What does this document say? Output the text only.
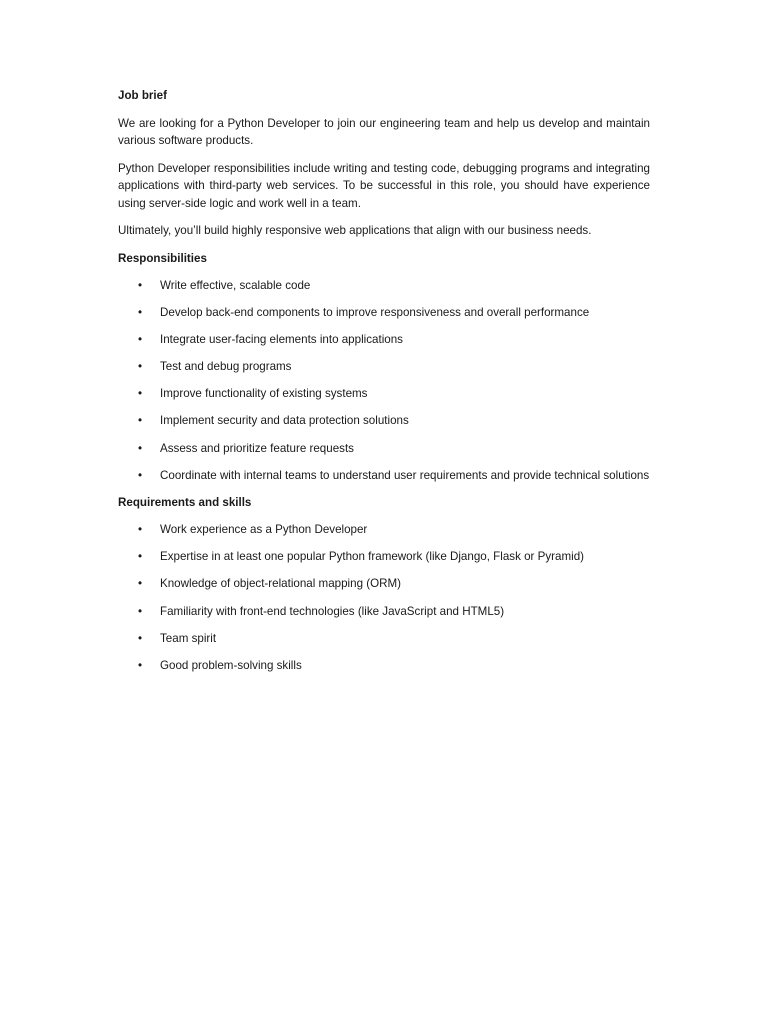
Job brief

We are looking for a Python Developer to join our engineering team and help us develop and maintain various software products.

Python Developer responsibilities include writing and testing code, debugging programs and integrating applications with third-party web services. To be successful in this role, you should have experience using server-side logic and work well in a team.

Ultimately, you’ll build highly responsive web applications that align with our business needs.

Responsibilities
• Write effective, scalable code
• Develop back-end components to improve responsiveness and overall performance
• Integrate user-facing elements into applications
• Test and debug programs
• Improve functionality of existing systems
• Implement security and data protection solutions
• Assess and prioritize feature requests
• Coordinate with internal teams to understand user requirements and provide technical solutions
Requirements and skills
• Work experience as a Python Developer
• Expertise in at least one popular Python framework (like Django, Flask or Pyramid)
• Knowledge of object-relational mapping (ORM)
• Familiarity with front-end technologies (like JavaScript and HTML5)
• Team spirit
• Good problem-solving skills
